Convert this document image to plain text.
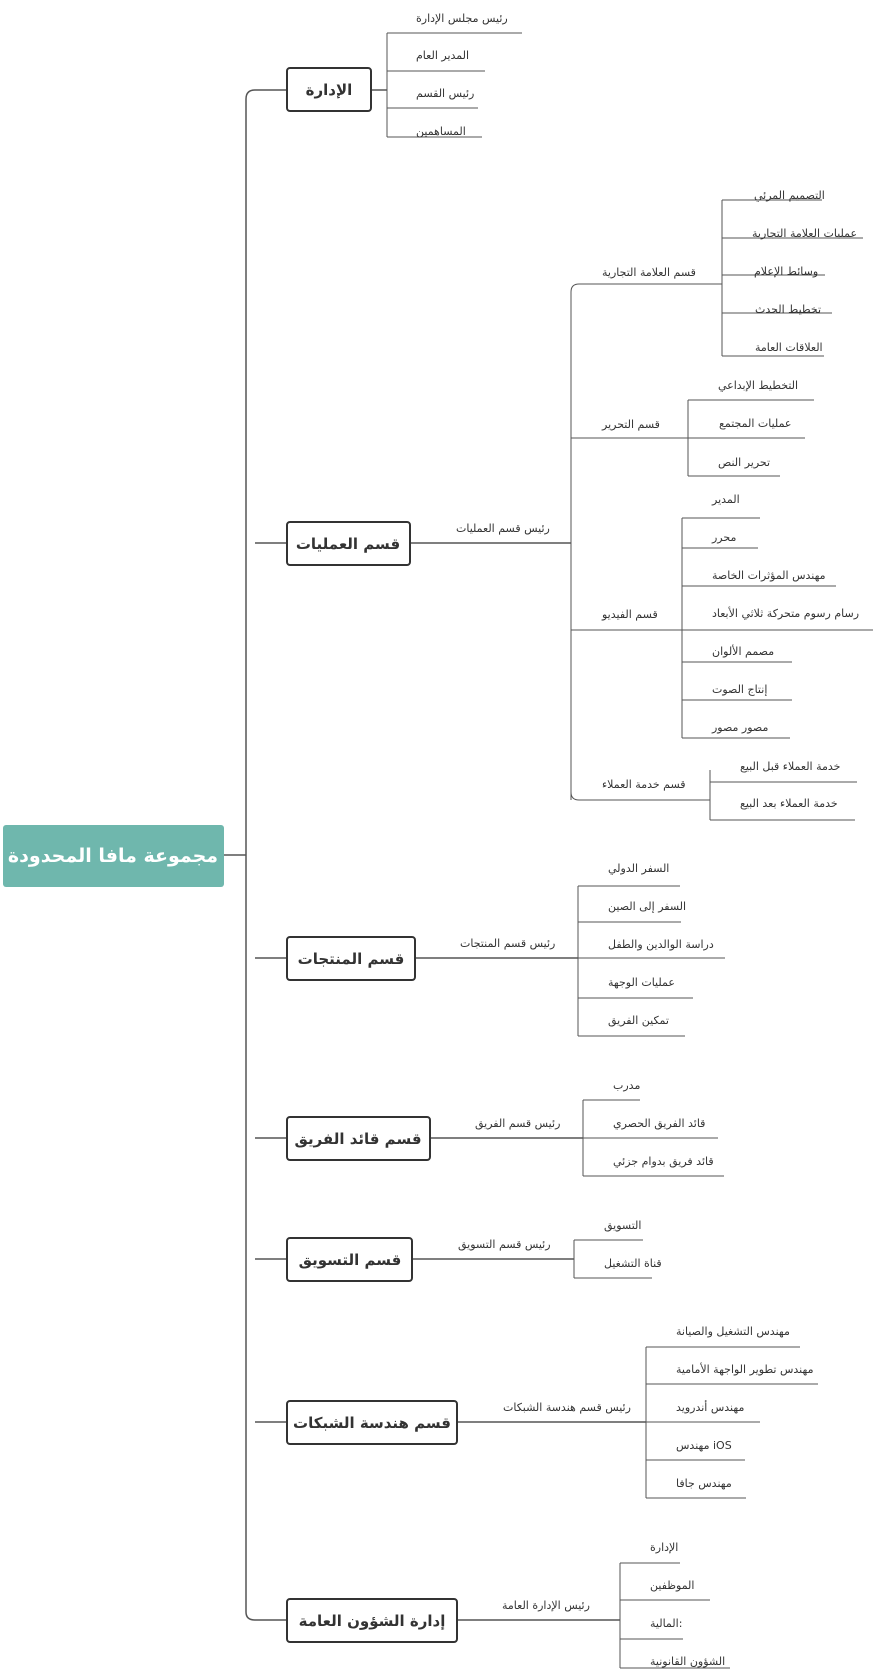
مجموعة مافا المحدودة
الإدارة
رئيس مجلس الإدارة
المدير العام
رئيس القسم
المساهمين
قسم العمليات
رئيس قسم العمليات
قسم العلامة التجارية
التصميم المرئي
عمليات العلامة التجارية
وسائط الإعلام
تخطيط الحدث
العلاقات العامة
قسم التحرير
التخطيط الإبداعي
عمليات المجتمع
تحرير النص
قسم الفيديو
المدير
محرر
مهندس المؤثرات الخاصة
رسام رسوم متحركة ثلاثي الأبعاد
مصمم الألوان
إنتاج الصوت
مصور مصور
قسم خدمة العملاء
خدمة العملاء قبل البيع
خدمة العملاء بعد البيع
قسم المنتجات
رئيس قسم المنتجات
السفر الدولي
السفر إلى الصين
دراسة الوالدين والطفل
عمليات الوجهة
تمكين الفريق
قسم قائد الفريق
رئيس قسم الفريق
مدرب
قائد الفريق الحصري
قائد فريق بدوام جزئي
قسم التسويق
رئيس قسم التسويق
التسويق
قناة التشغيل
قسم هندسة الشبكات
رئيس قسم هندسة الشبكات
مهندس التشغيل والصيانة
مهندس تطوير الواجهة الأمامية
مهندس أندرويد
مهندس iOS
مهندس جافا
إدارة الشؤون العامة
رئيس الإدارة العامة
الإدارة
الموظفين
المالية:
الشؤون القانونية
